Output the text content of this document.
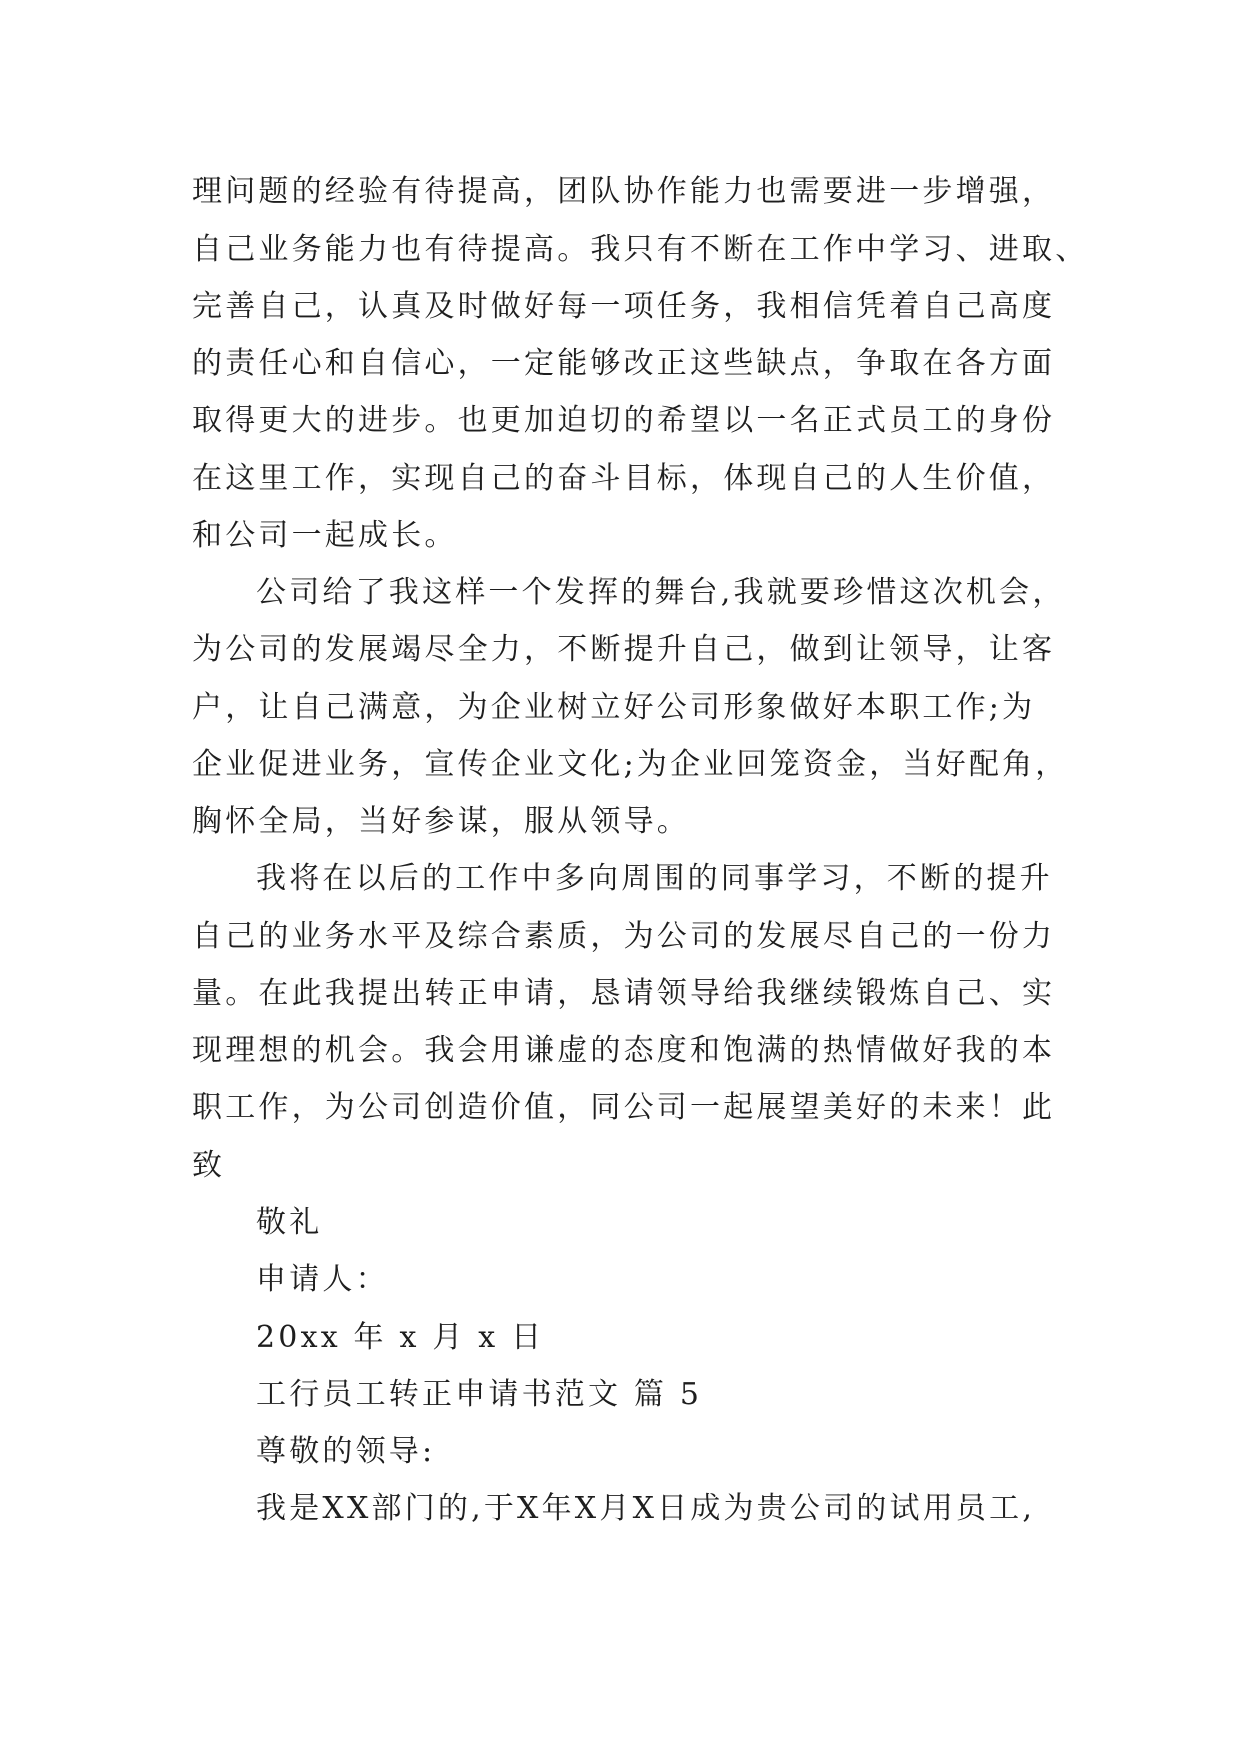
理问题的经验有待提高，团队协作能力也需要进一步增强，
自己业务能力也有待提高。我只有不断在工作中学习、进取、
完善自己，认真及时做好每一项任务，我相信凭着自己高度
的责任心和自信心，一定能够改正这些缺点，争取在各方面
取得更大的进步。也更加迫切的希望以一名正式员工的身份
在这里工作，实现自己的奋斗目标，体现自己的人生价值，
和公司一起成长。
公司给了我这样一个发挥的舞台,我就要珍惜这次机会，
为公司的发展竭尽全力，不断提升自己，做到让领导，让客
户，让自己满意，为企业树立好公司形象做好本职工作;为
企业促进业务，宣传企业文化;为企业回笼资金，当好配角，
胸怀全局，当好参谋，服从领导。
我将在以后的工作中多向周围的同事学习，不断的提升
自己的业务水平及综合素质，为公司的发展尽自己的一份力
量。在此我提出转正申请，恳请领导给我继续锻炼自己、实
现理想的机会。我会用谦虚的态度和饱满的热情做好我的本
职工作，为公司创造价值，同公司一起展望美好的未来！此
致
敬礼
申请人：
20xx 年 x 月 x 日
工行员工转正申请书范文 篇 5
尊敬的领导:
我是XX部门的,于X年X月X日成为贵公司的试用员工,
